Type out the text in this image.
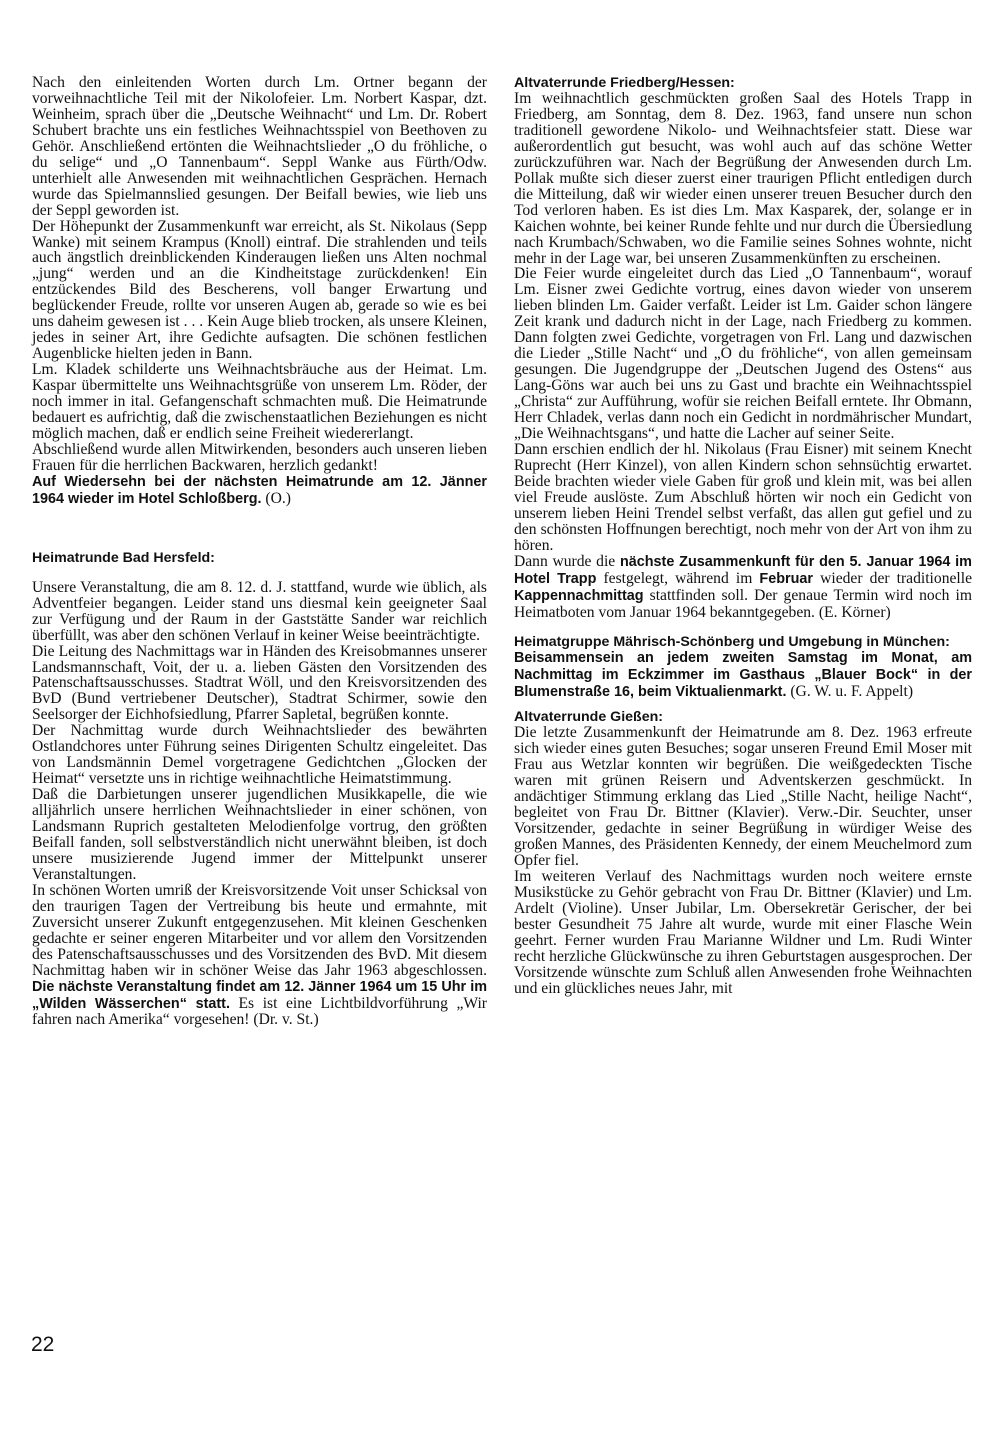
Nach den einleitenden Worten durch Lm. Ortner begann der vorweihnachtliche Teil mit der Nikolofeier. Lm. Norbert Kaspar, dzt. Weinheim, sprach über die „Deutsche Weihnacht“ und Lm. Dr. Robert Schubert brachte uns ein festliches Weihnachtsspiel von Beethoven zu Gehör. Anschließend ertönten die Weihnachtslieder „O du fröhliche, o du selige“ und „O Tannenbaum“. Seppl Wanke aus Fürth/Odw. unterhielt alle Anwesenden mit weihnachtlichen Gesprächen. Hernach wurde das Spielmannslied gesungen. Der Beifall bewies, wie lieb uns der Seppl geworden ist.

Der Höhepunkt der Zusammenkunft war erreicht, als St. Nikolaus (Sepp Wanke) mit seinem Krampus (Knoll) eintraf. Die strahlenden und teils auch ängstlich dreinblickenden Kinderaugen ließen uns Alten nochmal „jung“ werden und an die Kindheitstage zurückdenken! Ein entzückendes Bild des Bescherens, voll banger Erwartung und beglückender Freude, rollte vor unseren Augen ab, gerade so wie es bei uns daheim gewesen ist . . . Kein Auge blieb trocken, als unsere Kleinen, jedes in seiner Art, ihre Gedichte aufsagten. Die schönen festlichen Augenblicke hielten jeden in Bann.

Lm. Kladek schilderte uns Weihnachtsbräuche aus der Heimat. Lm. Kaspar übermittelte uns Weihnachtsgrüße von unserem Lm. Röder, der noch immer in ital. Gefangenschaft schmachten muß. Die Heimatrunde bedauert es aufrichtig, daß die zwischenstaatlichen Beziehungen es nicht möglich machen, daß er endlich seine Freiheit wiedererlangt.

Abschließend wurde allen Mitwirkenden, besonders auch unseren lieben Frauen für die herrlichen Backwaren, herzlich gedankt!

Auf Wiedersehn bei der nächsten Heimatrunde am 12. Jänner 1964 wieder im Hotel Schloßberg. (O.)

Heimatrunde Bad Hersfeld:

Unsere Veranstaltung, die am 8. 12. d. J. stattfand, wurde wie üblich, als Adventfeier begangen. Leider stand uns diesmal kein geeigneter Saal zur Verfügung und der Raum in der Gaststätte Sander war reichlich überfüllt, was aber den schönen Verlauf in keiner Weise beeinträchtigte.

Die Leitung des Nachmittags war in Händen des Kreisobmannes unserer Landsmannschaft, Voit, der u. a. lieben Gästen den Vorsitzenden des Patenschaftsausschusses. Stadtrat Wöll, und den Kreisvorsitzenden des BvD (Bund vertriebener Deutscher), Stadtrat Schirmer, sowie den Seelsorger der Eichhofsiedlung, Pfarrer Sapletal, begrüßen konnte.

Der Nachmittag wurde durch Weihnachtslieder des bewährten Ostlandchores unter Führung seines Dirigenten Schultz eingeleitet. Das von Landsmännin Demel vorgetragene Gedichtchen „Glocken der Heimat“ versetzte uns in richtige weihnachtliche Heimatstimmung.

Daß die Darbietungen unserer jugendlichen Musikkapelle, die wie alljährlich unsere herrlichen Weihnachtslieder in einer schönen, von Landsmann Ruprich gestalteten Melodienfolge vortrug, den größten Beifall fanden, soll selbstverständlich nicht unerwähnt bleiben, ist doch unsere musizierende Jugend immer der Mittelpunkt unserer Veranstaltungen.

In schönen Worten umriß der Kreisvorsitzende Voit unser Schicksal von den traurigen Tagen der Vertreibung bis heute und ermahnte, mit Zuversicht unserer Zukunft entgegenzusehen. Mit kleinen Geschenken gedachte er seiner engeren Mitarbeiter und vor allem den Vorsitzenden des Patenschaftsausschusses und des Vorsitzenden des BvD. Mit diesem Nachmittag haben wir in schöner Weise das Jahr 1963 abgeschlossen. Die nächste Veranstaltung findet am 12. Jänner 1964 um 15 Uhr im „Wilden Wässerchen“ statt. Es ist eine Lichtbildvorführung „Wir fahren nach Amerika“ vorgesehen! (Dr. v. St.)

Altvaterrunde Friedberg/Hessen:

Im weihnachtlich geschmückten großen Saal des Hotels Trapp in Friedberg, am Sonntag, dem 8. Dez. 1963, fand unsere nun schon traditionell gewordene Nikolo- und Weihnachtsfeier statt. Diese war außerordentlich gut besucht, was wohl auch auf das schöne Wetter zurückzuführen war. Nach der Begrüßung der Anwesenden durch Lm. Pollak mußte sich dieser zuerst einer traurigen Pflicht entledigen durch die Mitteilung, daß wir wieder einen unserer treuen Besucher durch den Tod verloren haben. Es ist dies Lm. Max Kasparek, der, solange er in Kaichen wohnte, bei keiner Runde fehlte und nur durch die Übersiedlung nach Krumbach/Schwaben, wo die Familie seines Sohnes wohnte, nicht mehr in der Lage war, bei unseren Zusammenkünften zu erscheinen.

Die Feier wurde eingeleitet durch das Lied „O Tannenbaum“, worauf Lm. Eisner zwei Gedichte vortrug, eines davon wieder von unserem lieben blinden Lm. Gaider verfaßt. Leider ist Lm. Gaider schon längere Zeit krank und dadurch nicht in der Lage, nach Friedberg zu kommen. Dann folgten zwei Gedichte, vorgetragen von Frl. Lang und dazwischen die Lieder „Stille Nacht“ und „O du fröhliche“, von allen gemeinsam gesungen. Die Jugendgruppe der „Deutschen Jugend des Ostens“ aus Lang-Göns war auch bei uns zu Gast und brachte ein Weihnachtsspiel „Christa“ zur Aufführung, wofür sie reichen Beifall erntete. Ihr Obmann, Herr Chladek, verlas dann noch ein Gedicht in nordmährischer Mundart, „Die Weihnachtsgans“, und hatte die Lacher auf seiner Seite.

Dann erschien endlich der hl. Nikolaus (Frau Eisner) mit seinem Knecht Ruprecht (Herr Kinzel), von allen Kindern schon sehnsüchtig erwartet. Beide brachten wieder viele Gaben für groß und klein mit, was bei allen viel Freude auslöste. Zum Abschluß hörten wir noch ein Gedicht von unserem lieben Heini Trendel selbst verfaßt, das allen gut gefiel und zu den schönsten Hoffnungen berechtigt, noch mehr von der Art von ihm zu hören.

Dann wurde die nächste Zusammenkunft für den 5. Januar 1964 im Hotel Trapp festgelegt, während im Februar wieder der traditionelle Kappennachmittag stattfinden soll. Der genaue Termin wird noch im Heimatboten vom Januar 1964 bekanntgegeben. (E. Körner)

Heimatgruppe Mährisch-Schönberg und Umgebung in München:

Beisammensein an jedem zweiten Samstag im Monat, am Nachmittag im Eckzimmer im Gasthaus „Blauer Bock“ in der Blumenstraße 16, beim Viktualienmarkt. (G. W. u. F. Appelt)

Altvaterrunde Gießen:

Die letzte Zusammenkunft der Heimatrunde am 8. Dez. 1963 erfreute sich wieder eines guten Besuches; sogar unseren Freund Emil Moser mit Frau aus Wetzlar konnten wir begrüßen. Die weißgedeckten Tische waren mit grünen Reisern und Adventskerzen geschmückt. In andächtiger Stimmung erklang das Lied „Stille Nacht, heilige Nacht“, begleitet von Frau Dr. Bittner (Klavier). Verw.-Dir. Seuchter, unser Vorsitzender, gedachte in seiner Begrüßung in würdiger Weise des großen Mannes, des Präsidenten Kennedy, der einem Meuchelmord zum Opfer fiel.

Im weiteren Verlauf des Nachmittags wurden noch weitere ernste Musikstücke zu Gehör gebracht von Frau Dr. Bittner (Klavier) und Lm. Ardelt (Violine). Unser Jubilar, Lm. Obersekretär Gerischer, der bei bester Gesundheit 75 Jahre alt wurde, wurde mit einer Flasche Wein geehrt. Ferner wurden Frau Marianne Wildner und Lm. Rudi Winter recht herzliche Glückwünsche zu ihren Geburtstagen ausgesprochen. Der Vorsitzende wünschte zum Schluß allen Anwesenden frohe Weihnachten und ein glückliches neues Jahr, mit

22
